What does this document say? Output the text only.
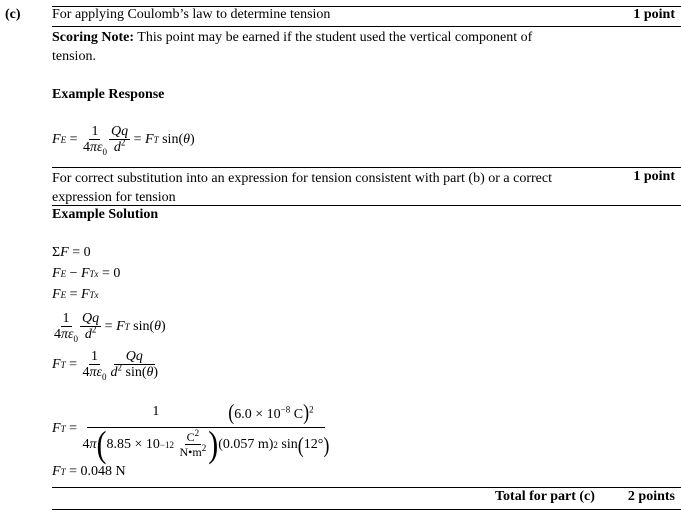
(c) For applying Coulomb’s law to determine tension	1 point
Scoring Note: This point may be earned if the student used the vertical component of
tension.
Example Response
F $E = \frac{1}{4\pi\varepsilon_0} \frac{Qq}{d^2} = F$ T sin( θ )
For correct substitution into an expression for tension consistent with part (b) or a correct
expression for tension
1 point
Example Solution
Σ F = 0
F E − F Tx = 0
F E = F Tx
$\frac{1}{4\pi\varepsilon_0} \frac{Qq}{d^2} = F$ T sin( θ )
F $T = \frac{1}{4\pi\varepsilon_0} \frac{Qq}{d^2 \sin(\theta)}$
F T =
1	($6.0 \times 10^{-8}$ C)$^2$
4 π ( 8.85 × 10 −12
$\frac{C^2}{N•m^2}$ ) (0.057 m) 2 sin ( 12° )
F T
= 0.048 N
Total for part (c) 2 points
